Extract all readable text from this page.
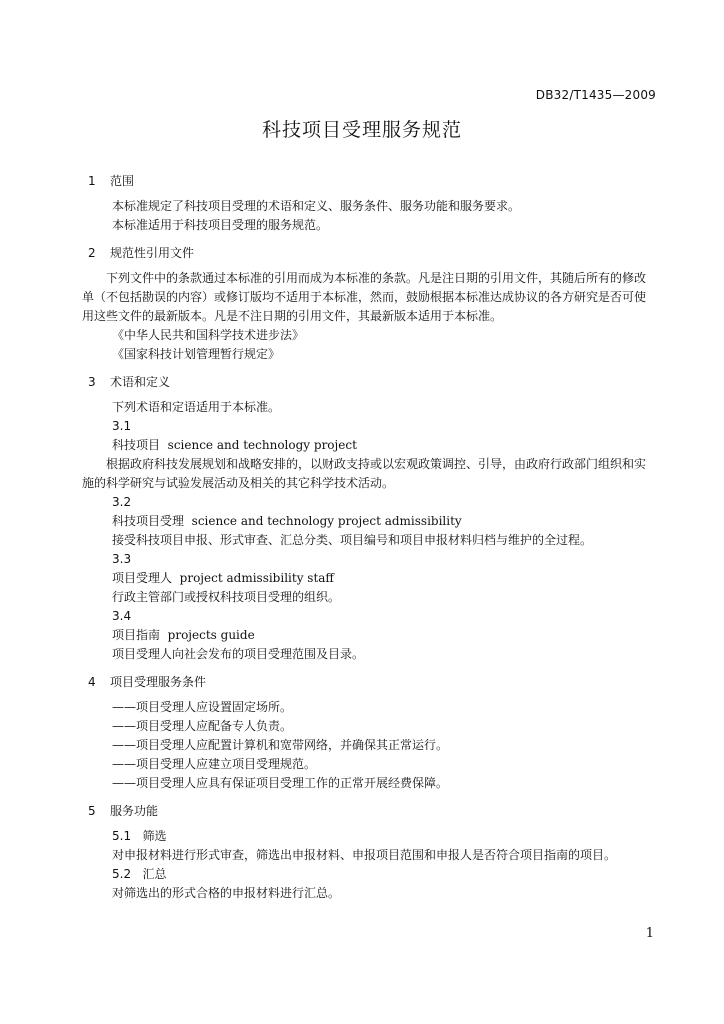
DB32/T1435—2009
科技项目受理服务规范
1 范围
本标准规定了科技项目受理的术语和定义、服务条件、服务功能和服务要求。
本标准适用于科技项目受理的服务规范。
2 规范性引用文件
下列文件中的条款通过本标准的引用而成为本标准的条款。凡是注日期的引用文件，其随后所有的修改单（不包括勘误的内容）或修订版均不适用于本标准，然而，鼓励根据本标准达成协议的各方研究是否可使用这些文件的最新版本。凡是不注日期的引用文件，其最新版本适用于本标准。
《中华人民共和国科学技术进步法》
《国家科技计划管理暂行规定》
3 术语和定义
下列术语和定语适用于本标准。
3.1
科技项目 science and technology project
根据政府科技发展规划和战略安排的，以财政支持或以宏观政策调控、引导，由政府行政部门组织和实施的科学研究与试验发展活动及相关的其它科学技术活动。
3.2
科技项目受理 science and technology project admissibility
接受科技项目申报、形式审查、汇总分类、项目编号和项目申报材料归档与维护的全过程。
3.3
项目受理人 project admissibility staff
行政主管部门或授权科技项目受理的组织。
3.4
项目指南 projects guide
项目受理人向社会发布的项目受理范围及目录。
4 项目受理服务条件
——项目受理人应设置固定场所。
——项目受理人应配备专人负责。
——项目受理人应配置计算机和宽带网络，并确保其正常运行。
——项目受理人应建立项目受理规范。
——项目受理人应具有保证项目受理工作的正常开展经费保障。
5 服务功能
5.1 筛选
对申报材料进行形式审查，筛选出申报材料、申报项目范围和申报人是否符合项目指南的项目。
5.2 汇总
对筛选出的形式合格的申报材料进行汇总。
1
